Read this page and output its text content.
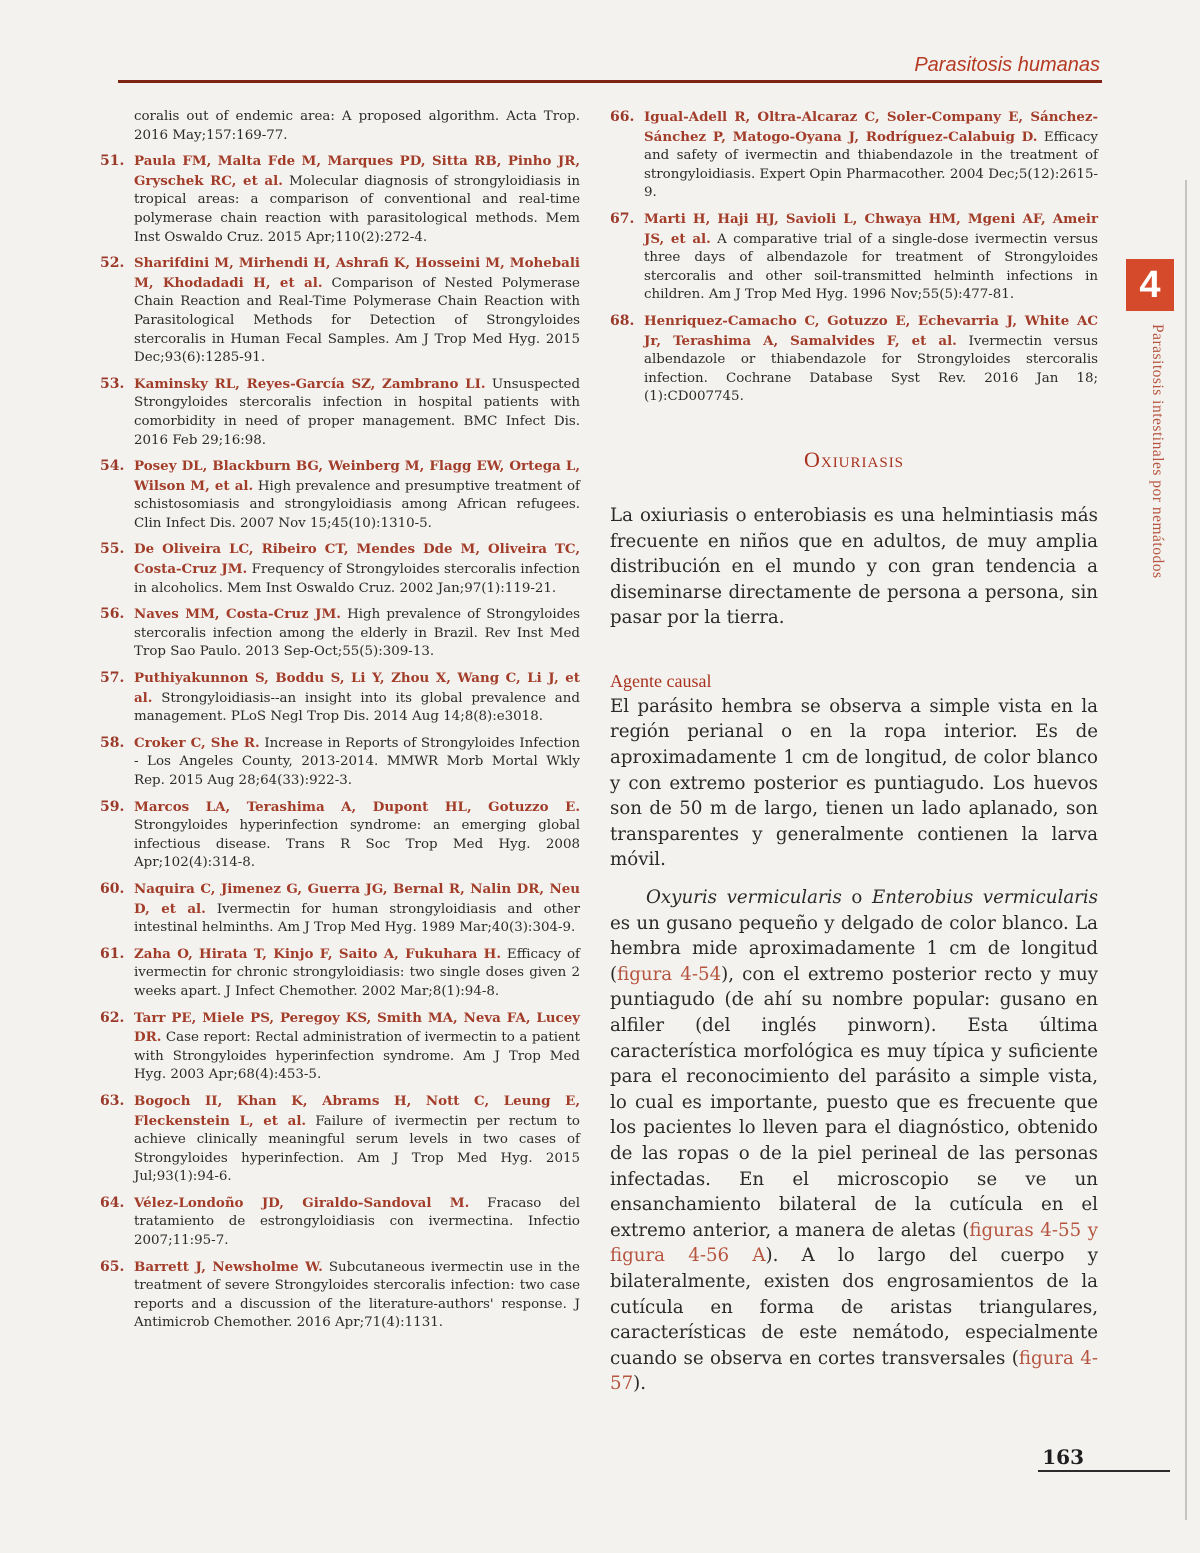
Parasitosis humanas
coralis out of endemic area: A proposed algorithm. Acta Trop. 2016 May;157:169-77.
51. Paula FM, Malta Fde M, Marques PD, Sitta RB, Pinho JR, Gryschek RC, et al. Molecular diagnosis of strongyloidiasis in tropical areas: a comparison of conventional and real-time polymerase chain reaction with parasitological methods. Mem Inst Oswaldo Cruz. 2015 Apr;110(2):272-4.
52. Sharifdini M, Mirhendi H, Ashrafi K, Hosseini M, Mohebali M, Khodadadi H, et al. Comparison of Nested Polymerase Chain Reaction and Real-Time Polymerase Chain Reaction with Parasitological Methods for Detection of Strongyloides stercoralis in Human Fecal Samples. Am J Trop Med Hyg. 2015 Dec;93(6):1285-91.
53. Kaminsky RL, Reyes-García SZ, Zambrano LI. Unsuspected Strongyloides stercoralis infection in hospital patients with comorbidity in need of proper management. BMC Infect Dis. 2016 Feb 29;16:98.
54. Posey DL, Blackburn BG, Weinberg M, Flagg EW, Ortega L, Wilson M, et al. High prevalence and presumptive treatment of schistosomiasis and strongyloidiasis among African refugees. Clin Infect Dis. 2007 Nov 15;45(10):1310-5.
55. De Oliveira LC, Ribeiro CT, Mendes Dde M, Oliveira TC, Costa-Cruz JM. Frequency of Strongyloides stercoralis infection in alcoholics. Mem Inst Oswaldo Cruz. 2002 Jan;97(1):119-21.
56. Naves MM, Costa-Cruz JM. High prevalence of Strongyloides stercoralis infection among the elderly in Brazil. Rev Inst Med Trop Sao Paulo. 2013 Sep-Oct;55(5):309-13.
57. Puthiyakunnon S, Boddu S, Li Y, Zhou X, Wang C, Li J, et al. Strongyloidiasis--an insight into its global prevalence and management. PLoS Negl Trop Dis. 2014 Aug 14;8(8):e3018.
58. Croker C, She R. Increase in Reports of Strongyloides Infection - Los Angeles County, 2013-2014. MMWR Morb Mortal Wkly Rep. 2015 Aug 28;64(33):922-3.
59. Marcos LA, Terashima A, Dupont HL, Gotuzzo E. Strongyloides hyperinfection syndrome: an emerging global infectious disease. Trans R Soc Trop Med Hyg. 2008 Apr;102(4):314-8.
60. Naquira C, Jimenez G, Guerra JG, Bernal R, Nalin DR, Neu D, et al. Ivermectin for human strongyloidiasis and other intestinal helminths. Am J Trop Med Hyg. 1989 Mar;40(3):304-9.
61. Zaha O, Hirata T, Kinjo F, Saito A, Fukuhara H. Efficacy of ivermectin for chronic strongyloidiasis: two single doses given 2 weeks apart. J Infect Chemother. 2002 Mar;8(1):94-8.
62. Tarr PE, Miele PS, Peregoy KS, Smith MA, Neva FA, Lucey DR. Case report: Rectal administration of ivermectin to a patient with Strongyloides hyperinfection syndrome. Am J Trop Med Hyg. 2003 Apr;68(4):453-5.
63. Bogoch II, Khan K, Abrams H, Nott C, Leung E, Fleckenstein L, et al. Failure of ivermectin per rectum to achieve clinically meaningful serum levels in two cases of Strongyloides hyperinfection. Am J Trop Med Hyg. 2015 Jul;93(1):94-6.
64. Vélez-Londoño JD, Giraldo-Sandoval M. Fracaso del tratamiento de estrongyloidiasis con ivermectina. Infectio 2007;11:95-7.
65. Barrett J, Newsholme W. Subcutaneous ivermectin use in the treatment of severe Strongyloides stercoralis infection: two case reports and a discussion of the literature-authors' response. J Antimicrob Chemother. 2016 Apr;71(4):1131.
66. Igual-Adell R, Oltra-Alcaraz C, Soler-Company E, Sánchez-Sánchez P, Matogo-Oyana J, Rodríguez-Calabuig D. Efficacy and safety of ivermectin and thiabendazole in the treatment of strongyloidiasis. Expert Opin Pharmacother. 2004 Dec;5(12):2615-9.
67. Marti H, Haji HJ, Savioli L, Chwaya HM, Mgeni AF, Ameir JS, et al. A comparative trial of a single-dose ivermectin versus three days of albendazole for treatment of Strongyloides stercoralis and other soil-transmitted helminth infections in children. Am J Trop Med Hyg. 1996 Nov;55(5):477-81.
68. Henriquez-Camacho C, Gotuzzo E, Echevarria J, White AC Jr, Terashima A, Samalvides F, et al. Ivermectin versus albendazole or thiabendazole for Strongyloides stercoralis infection. Cochrane Database Syst Rev. 2016 Jan 18;(1):CD007745.
Oxiuriasis

La oxiuriasis o enterobiasis es una helmintiasis más frecuente en niños que en adultos, de muy amplia distribución en el mundo y con gran tendencia a diseminarse directamente de persona a persona, sin pasar por la tierra.

Agente causal

El parásito hembra se observa a simple vista en la región perianal o en la ropa interior. Es de aproximadamente 1 cm de longitud, de color blanco y con extremo posterior es puntiagudo. Los huevos son de 50 m de largo, tienen un lado aplanado, son transparentes y generalmente contienen la larva móvil.

Oxyuris vermicularis o Enterobius vermicularis es un gusano pequeño y delgado de color blanco. La hembra mide aproximadamente 1 cm de longitud (figura 4-54), con el extremo posterior recto y muy puntiagudo (de ahí su nombre popular: gusano en alfiler (del inglés pinworn). Esta última característica morfológica es muy típica y suficiente para el reconocimiento del parásito a simple vista, lo cual es importante, puesto que es frecuente que los pacientes lo lleven para el diagnóstico, obtenido de las ropas o de la piel perineal de las personas infectadas. En el microscopio se ve un ensanchamiento bilateral de la cutícula en el extremo anterior, a manera de aletas (figuras 4-55 y figura 4-56 A). A lo largo del cuerpo y bilateralmente, existen dos engrosamientos de la cutícula en forma de aristas triangulares, características de este nemátodo, especialmente cuando se observa en cortes transversales (figura 4-57).

4
Parasitosis intestinales por nemátodos
163
